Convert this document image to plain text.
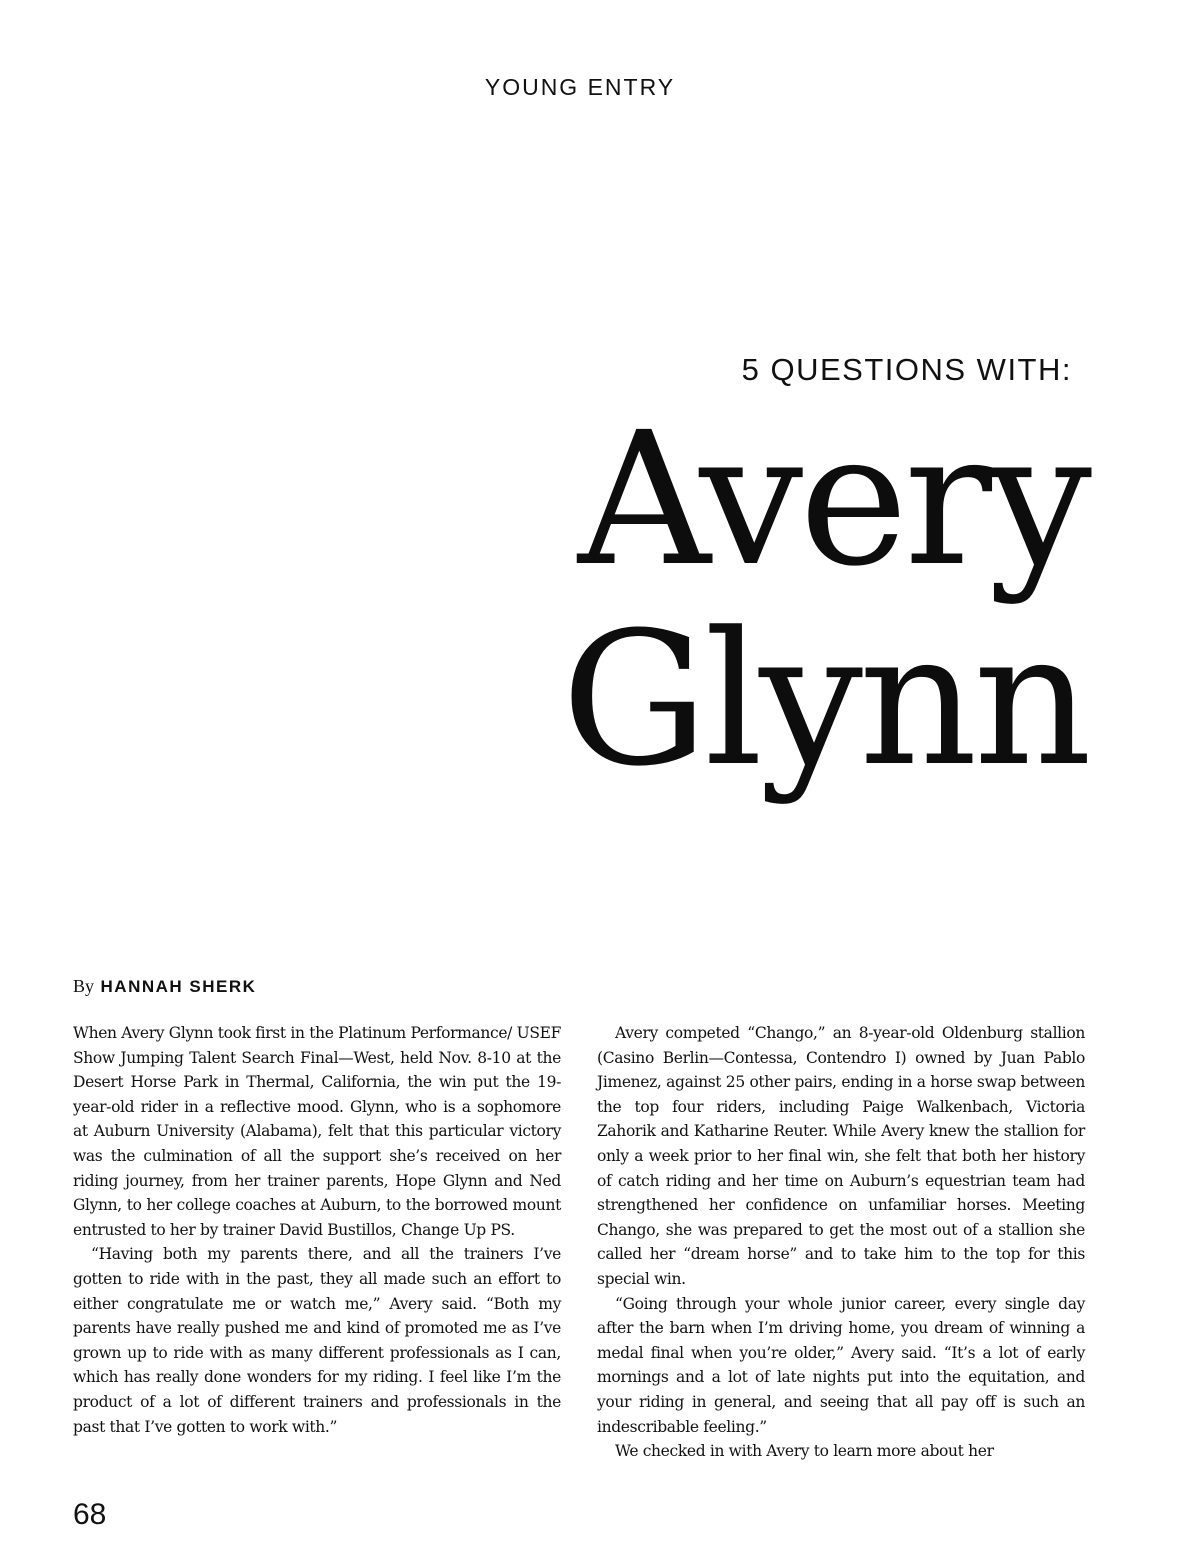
YOUNG ENTRY
5 QUESTIONS WITH:
Avery
Glynn
By HANNAH SHERK

When Avery Glynn took first in the Platinum Performance/ USEF Show Jumping Talent Search Final—West, held Nov. 8-10 at the Desert Horse Park in Thermal, California, the win put the 19-year-old rider in a reflective mood. Glynn, who is a sophomore at Auburn University (Alabama), felt that this particular victory was the culmination of all the support she’s received on her riding journey, from her trainer parents, Hope Glynn and Ned Glynn, to her college coaches at Auburn, to the borrowed mount entrusted to her by trainer David Bustillos, Change Up PS.

“Having both my parents there, and all the trainers I’ve gotten to ride with in the past, they all made such an effort to either congratulate me or watch me,” Avery said. “Both my parents have really pushed me and kind of promoted me as I’ve grown up to ride with as many different professionals as I can, which has really done wonders for my riding. I feel like I’m the product of a lot of different trainers and professionals in the past that I’ve gotten to work with.”

Avery competed “Chango,” an 8-year-old Oldenburg stallion (Casino Berlin—Contessa, Contendro I) owned by Juan Pablo Jimenez, against 25 other pairs, ending in a horse swap between the top four riders, including Paige Walkenbach, Victoria Zahorik and Katharine Reuter. While Avery knew the stallion for only a week prior to her final win, she felt that both her history of catch riding and her time on Auburn’s equestrian team had strengthened her confidence on unfamiliar horses. Meeting Chango, she was prepared to get the most out of a stallion she called her “dream horse” and to take him to the top for this special win.

“Going through your whole junior career, every single day after the barn when I’m driving home, you dream of winning a medal final when you’re older,” Avery said. “It’s a lot of early mornings and a lot of late nights put into the equitation, and your riding in general, and seeing that all pay off is such an indescribable feeling.”

We checked in with Avery to learn more about her

68
